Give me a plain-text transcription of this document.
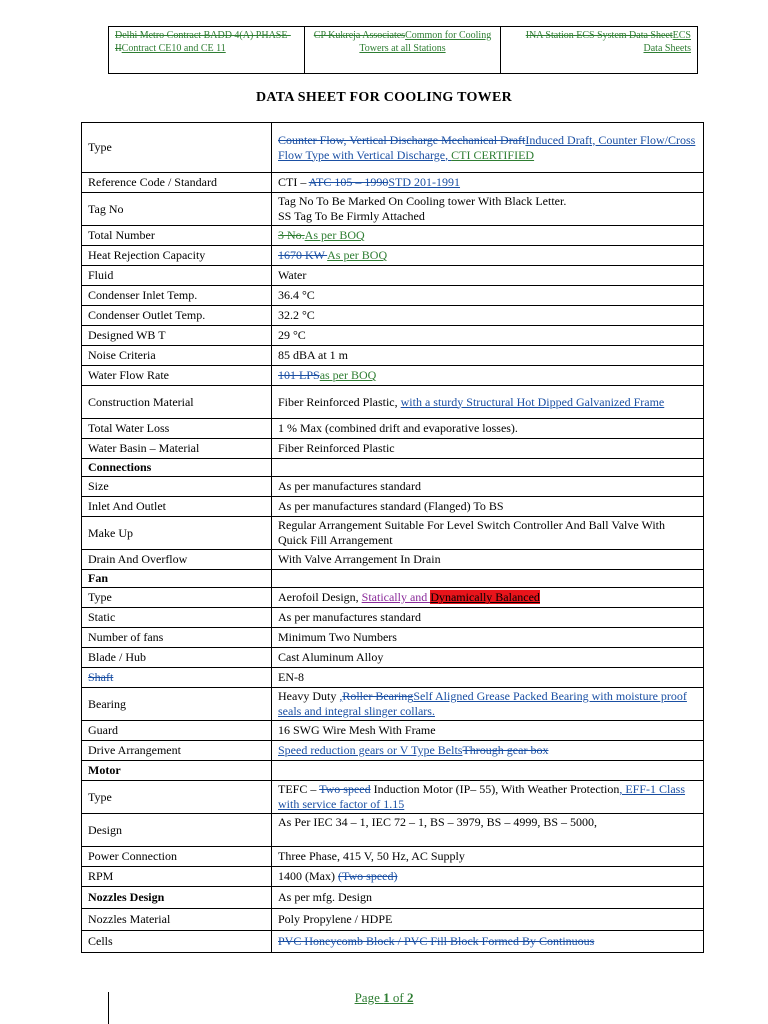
Delhi Metro Contract BADD 4(A) PHASE-IIContract CE10 and CE 11
CP Kukreja AssociatesCommon for Cooling Towers at all Stations
INA Station ECS System Data SheetECS Data Sheets
DATA SHEET FOR COOLING TOWER
Type	Counter Flow, Vertical Discharge Mechanical DraftInduced Draft, Counter Flow/Cross Flow Type with Vertical Discharge, CTI CERTIFIED
Reference Code / Standard	CTI – ATC 105 – 1990STD 201-1991
Tag No	Tag No To Be Marked On Cooling tower With Black Letter.
SS Tag To Be Firmly Attached

Total Number	3 No.As per BOQ
Heat Rejection Capacity	1670 KW As per BOQ
Fluid	Water
Condenser Inlet Temp.	36.4 °C
Condenser Outlet Temp.	32.2 °C
Designed WB T	29 °C
Noise Criteria	85 dBA at 1 m
Water Flow Rate	101 LPSas per BOQ
Construction Material	Fiber Reinforced Plastic, with a sturdy Structural Hot Dipped Galvanized Frame
Total Water Loss	1 % Max (combined drift and evaporative losses).
Water Basin – Material	Fiber Reinforced Plastic
Connections	
Size	As per manufactures standard
Inlet And Outlet	As per manufactures standard (Flanged) To BS
Make Up	Regular Arrangement Suitable For Level Switch Controller And Ball Valve With Quick Fill Arrangement
Drain And Overflow	With Valve Arrangement In Drain
Fan	
Type	Aerofoil Design, Statically and Dynamically Balanced
Static	As per manufactures standard
Number of fans	Minimum Two Numbers
Blade / Hub	Cast Aluminum Alloy
Shaft	EN-8
Bearing	Heavy Duty ,Roller BearingSelf Aligned Grease Packed Bearing with moisture proof seals and integral slinger collars.
Guard	16 SWG Wire Mesh With Frame
Drive Arrangement	Speed reduction gears or V Type BeltsThrough gear box
Motor	
Type	TEFC – Two speed Induction Motor (IP– 55), With Weather Protection, EFF-1 Class with service factor of 1.15
Design	As Per IEC 34 – 1, IEC 72 – 1, BS – 3979, BS – 4999, BS – 5000,
Power Connection	Three Phase, 415 V, 50 Hz, AC Supply
RPM	1400 (Max) (Two speed)
Nozzles Design	As per mfg. Design
Nozzles Material	Poly Propylene / HDPE
Cells	PVC Honeycomb Block / PVC Fill Block Formed By Continuous
Page 1 of 2
